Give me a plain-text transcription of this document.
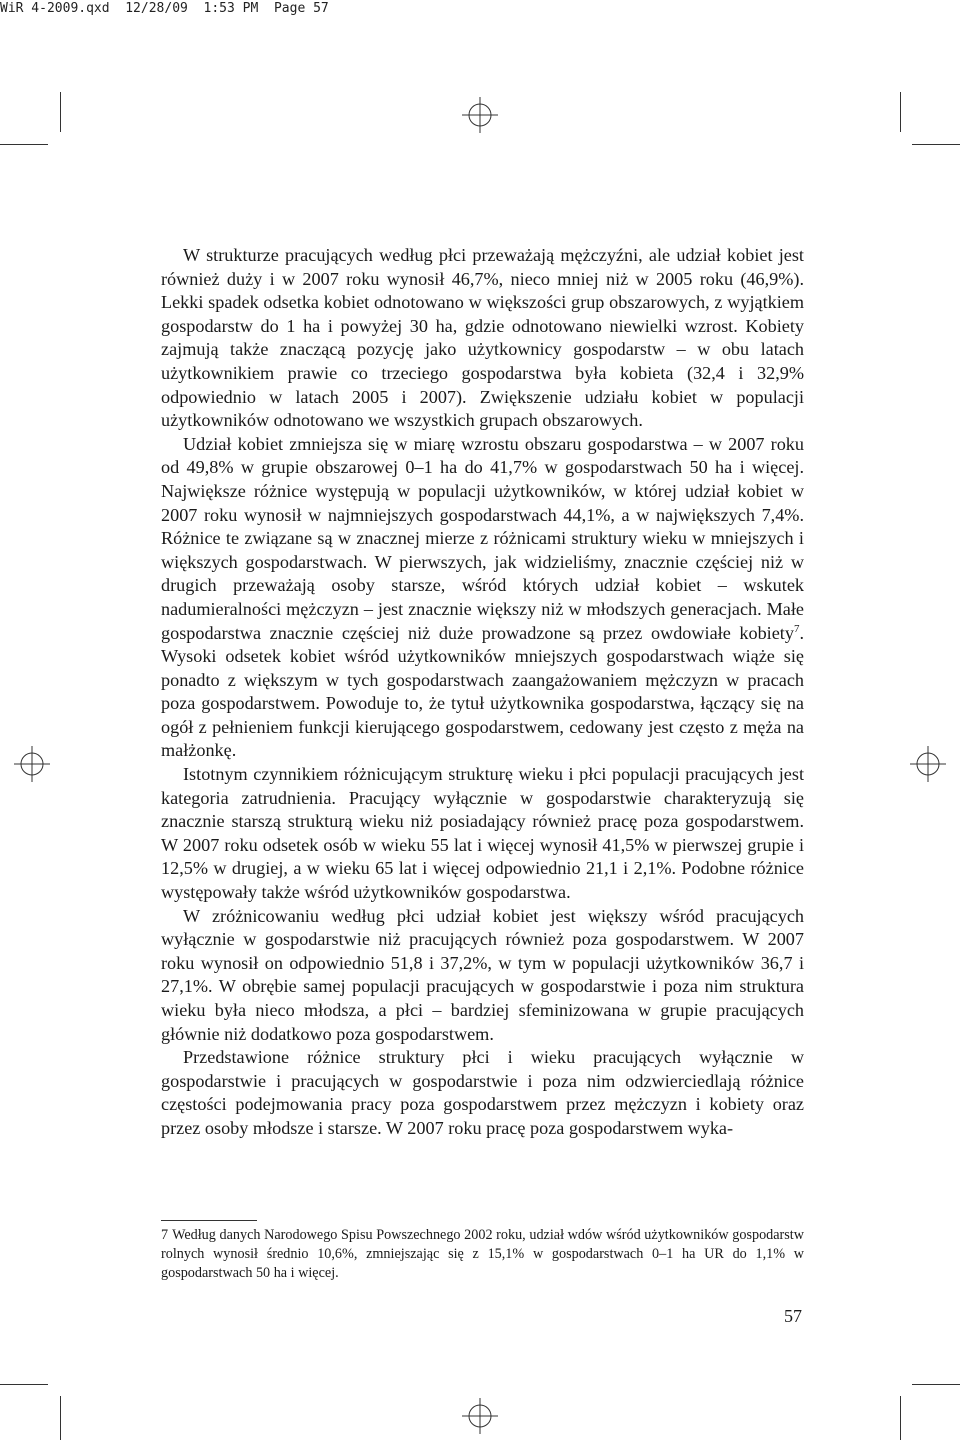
WiR 4-2009.qxd 12/28/09 1:53 PM Page 57

W strukturze pracujących według płci przeważają mężczyźni, ale udział kobiet jest również duży i w 2007 roku wynosił 46,7%, nieco mniej niż w 2005 roku (46,9%). Lekki spadek odsetka kobiet odnotowano w większości grup obszarowych, z wyjątkiem gospodarstw do 1 ha i powyżej 30 ha, gdzie odnotowano niewielki wzrost. Kobiety zajmują także znaczącą pozycję jako użytkownicy gospodarstw – w obu latach użytkownikiem prawie co trzeciego gospodarstwa była kobieta (32,4 i 32,9% odpowiednio w latach 2005 i 2007). Zwiększenie udziału kobiet w populacji użytkowników odnotowano we wszystkich grupach obszarowych.

Udział kobiet zmniejsza się w miarę wzrostu obszaru gospodarstwa – w 2007 roku od 49,8% w grupie obszarowej 0–1 ha do 41,7% w gospodarstwach 50 ha i więcej. Największe różnice występują w populacji użytkowników, w której udział kobiet w 2007 roku wynosił w najmniejszych gospodarstwach 44,1%, a w największych 7,4%. Różnice te związane są w znacznej mierze z różnicami struktury wieku w mniejszych i większych gospodarstwach. W pierwszych, jak widzieliśmy, znacznie częściej niż w drugich przeważają osoby starsze, wśród których udział kobiet – wskutek nadumieralności mężczyzn – jest znacznie większy niż w młodszych generacjach. Małe gospodarstwa znacznie częściej niż duże prowadzone są przez owdowiałe kobiety$^7$. Wysoki odsetek kobiet wśród użytkowników mniejszych gospodarstwach wiąże się ponadto z większym w tych gospodarstwach zaangażowaniem mężczyzn w pracach poza gospodarstwem. Powoduje to, że tytuł użytkownika gospodarstwa, łączący się na ogół z pełnieniem funkcji kierującego gospodarstwem, cedowany jest często z męża na małżonkę.

Istotnym czynnikiem różnicującym strukturę wieku i płci populacji pracujących jest kategoria zatrudnienia. Pracujący wyłącznie w gospodarstwie charakteryzują się znacznie starszą strukturą wieku niż posiadający również pracę poza gospodarstwem. W 2007 roku odsetek osób w wieku 55 lat i więcej wynosił 41,5% w pierwszej grupie i 12,5% w drugiej, a w wieku 65 lat i więcej odpowiednio 21,1 i 2,1%. Podobne różnice występowały także wśród użytkowników gospodarstwa.

W zróżnicowaniu według płci udział kobiet jest większy wśród pracujących wyłącznie w gospodarstwie niż pracujących również poza gospodarstwem. W 2007 roku wynosił on odpowiednio 51,8 i 37,2%, w tym w populacji użytkowników 36,7 i 27,1%. W obrębie samej populacji pracujących w gospodarstwie i poza nim struktura wieku była nieco młodsza, a płci – bardziej sfeminizowana w grupie pracujących głównie niż dodatkowo poza gospodarstwem.

Przedstawione różnice struktury płci i wieku pracujących wyłącznie w gospodarstwie i pracujących w gospodarstwie i poza nim odzwierciedlają różnice częstości podejmowania pracy poza gospodarstwem przez mężczyzn i kobiety oraz przez osoby młodsze i starsze. W 2007 roku pracę poza gospodarstwem wyka-

7 Według danych Narodowego Spisu Powszechnego 2002 roku, udział wdów wśród użytkowników gospodarstw rolnych wynosił średnio 10,6%, zmniejszając się z 15,1% w gospodarstwach 0–1 ha UR do 1,1% w gospodarstwach 50 ha i więcej.
57
